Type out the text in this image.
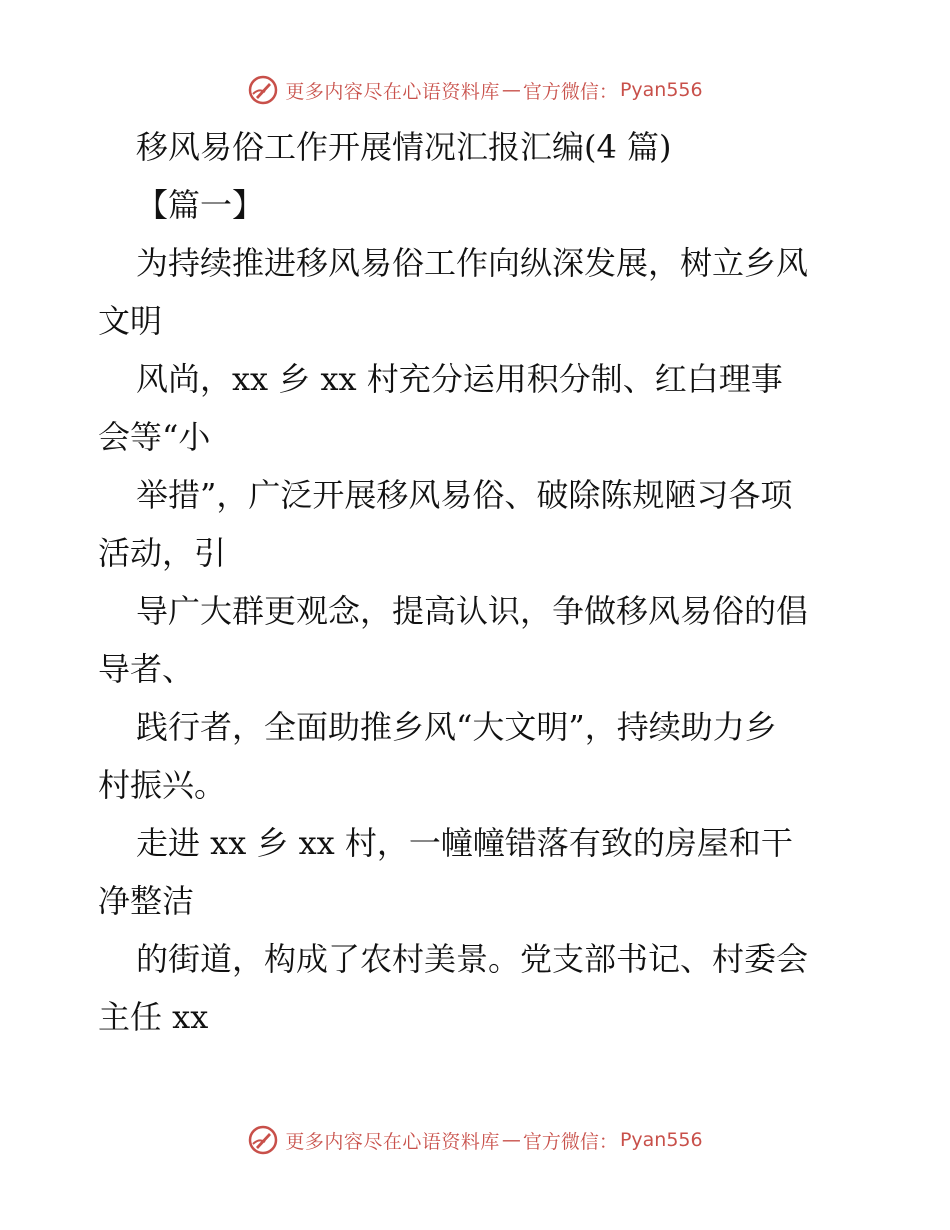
更多内容尽在心语资料库 — 官方微信： Pyan556
移风易俗工作开展情况汇报汇编(4 篇)
【篇一】
为持续推进移风易俗工作向纵深发展，树立乡风
文明
风尚，xx 乡 xx 村充分运用积分制、红白理事
会等“小
举措”，广泛开展移风易俗、破除陈规陋习各项
活动，引
导广大群更观念，提高认识，争做移风易俗的倡
导者、
践行者，全面助推乡风“大文明”，持续助力乡
村振兴。
走进 xx 乡 xx 村，一幢幢错落有致的房屋和干
净整洁
的街道，构成了农村美景。党支部书记、村委会
主任 xx
更多内容尽在心语资料库 — 官方微信： Pyan556
